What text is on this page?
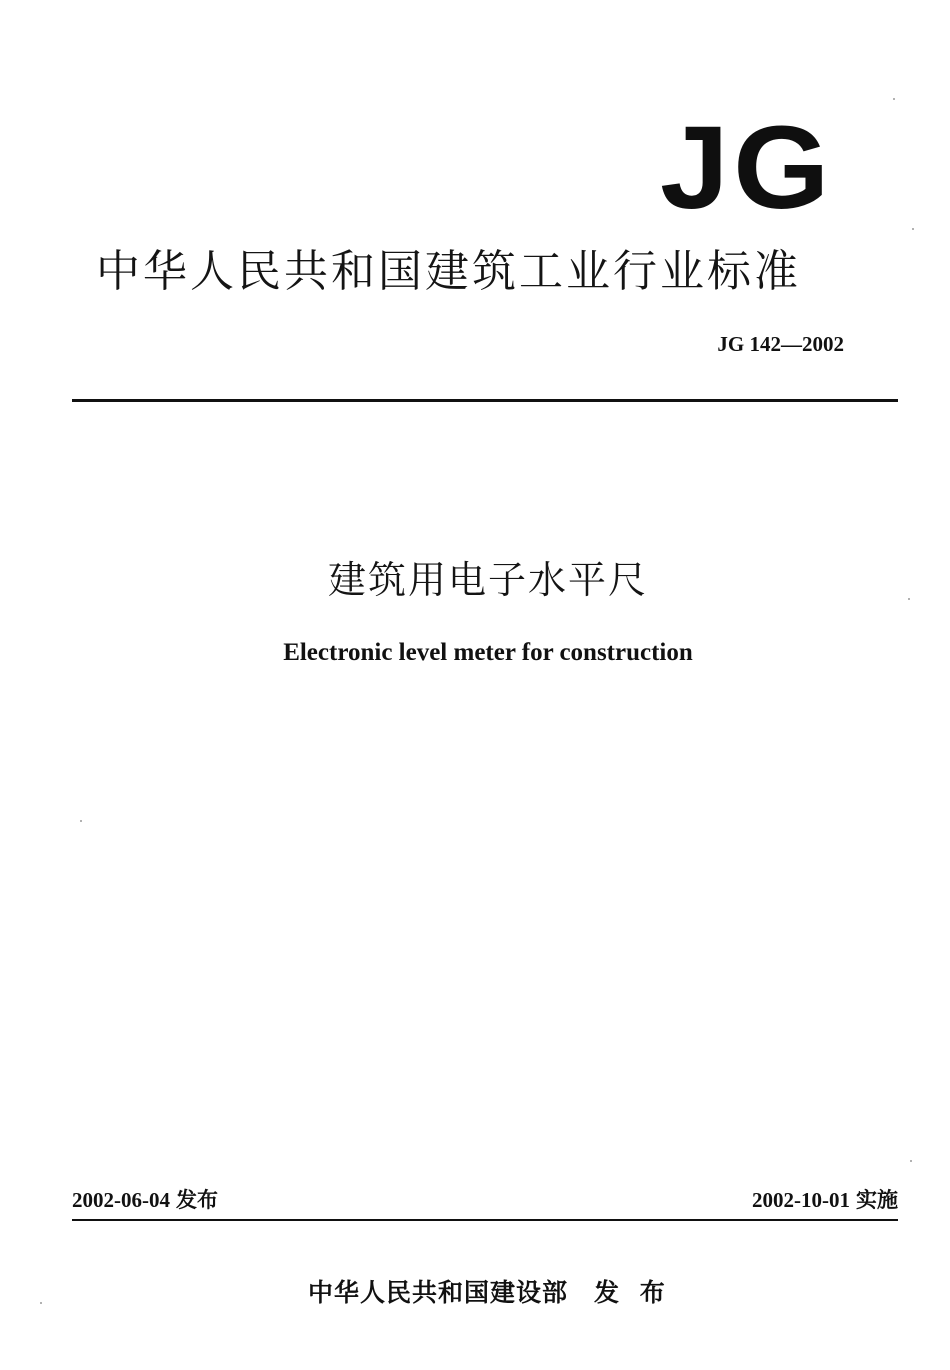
JG
中华人民共和国建筑工业行业标准
JG 142—2002
建筑用电子水平尺
Electronic level meter for construction
2002-06-04 发布	2002-10-01 实施
中华人民共和国建设部 发 布
